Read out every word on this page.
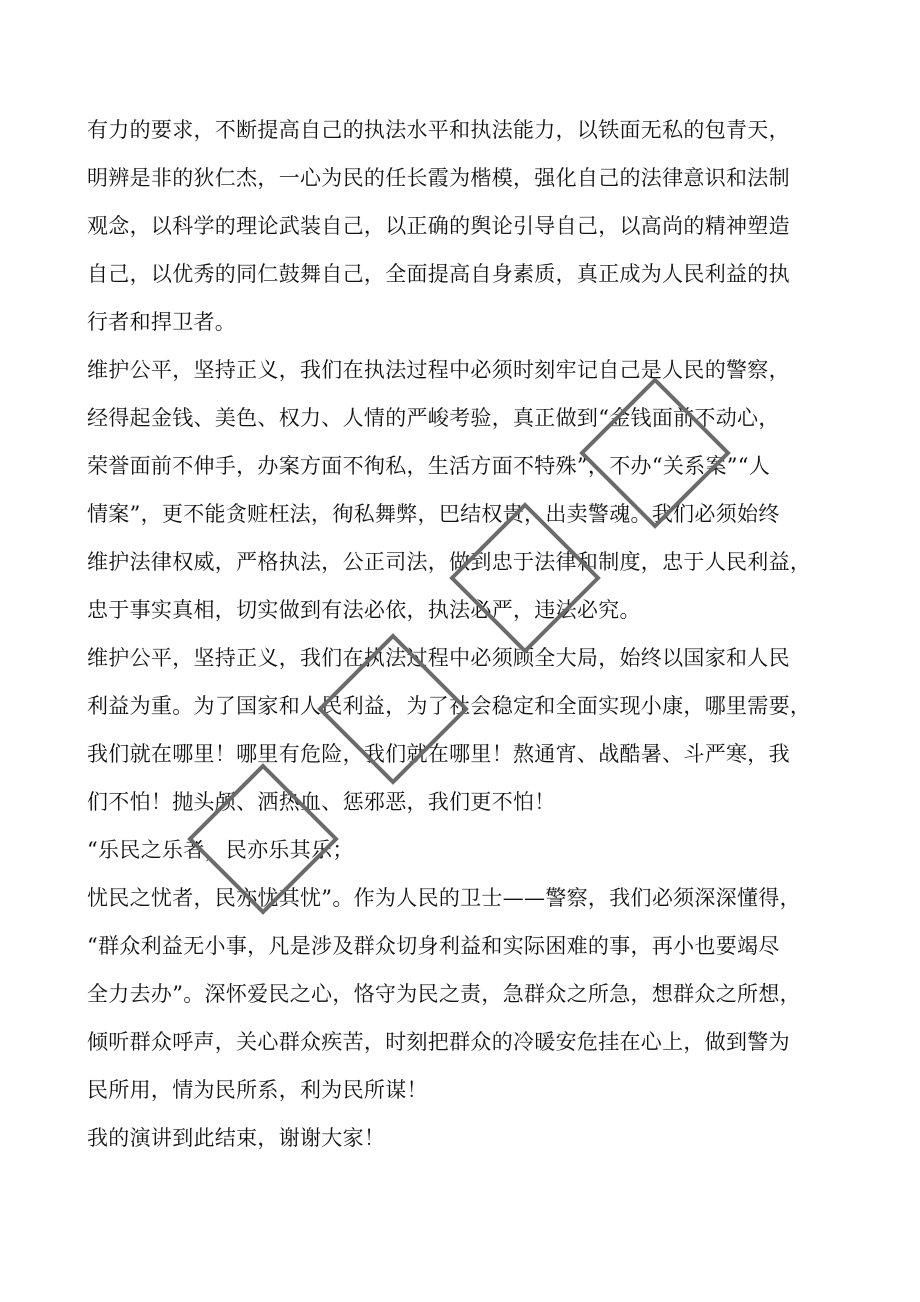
有力的要求，不断提高自己的执法水平和执法能力，以铁面无私的包青天，
明辨是非的狄仁杰，一心为民的任长霞为楷模，强化自己的法律意识和法制
观念，以科学的理论武装自己，以正确的舆论引导自己，以高尚的精神塑造
自己，以优秀的同仁鼓舞自己，全面提高自身素质，真正成为人民利益的执
行者和捍卫者。
维护公平，坚持正义，我们在执法过程中必须时刻牢记自己是人民的警察，
经得起金钱、美色、权力、人情的严峻考验，真正做到“金钱面前不动心，
荣誉面前不伸手，办案方面不徇私，生活方面不特殊”，不办“关系案”“人
情案”，更不能贪赃枉法，徇私舞弊，巴结权贵，出卖警魂。我们必须始终
维护法律权威，严格执法，公正司法，做到忠于法律和制度，忠于人民利益，
忠于事实真相，切实做到有法必依，执法必严，违法必究。
维护公平，坚持正义，我们在执法过程中必须顾全大局，始终以国家和人民
利益为重。为了国家和人民利益，为了社会稳定和全面实现小康，哪里需要，
我们就在哪里！哪里有危险，我们就在哪里！熬通宵、战酷暑、斗严寒，我
们不怕！抛头颅、洒热血、惩邪恶，我们更不怕！
“乐民之乐者，民亦乐其乐；
忧民之忧者，民亦忧其忧”。作为人民的卫士——警察，我们必须深深懂得，
“群众利益无小事，凡是涉及群众切身利益和实际困难的事，再小也要竭尽
全力去办”。深怀爱民之心，恪守为民之责，急群众之所急，想群众之所想，
倾听群众呼声，关心群众疾苦，时刻把群众的冷暖安危挂在心上，做到警为
民所用，情为民所系，利为民所谋！
我的演讲到此结束，谢谢大家！
